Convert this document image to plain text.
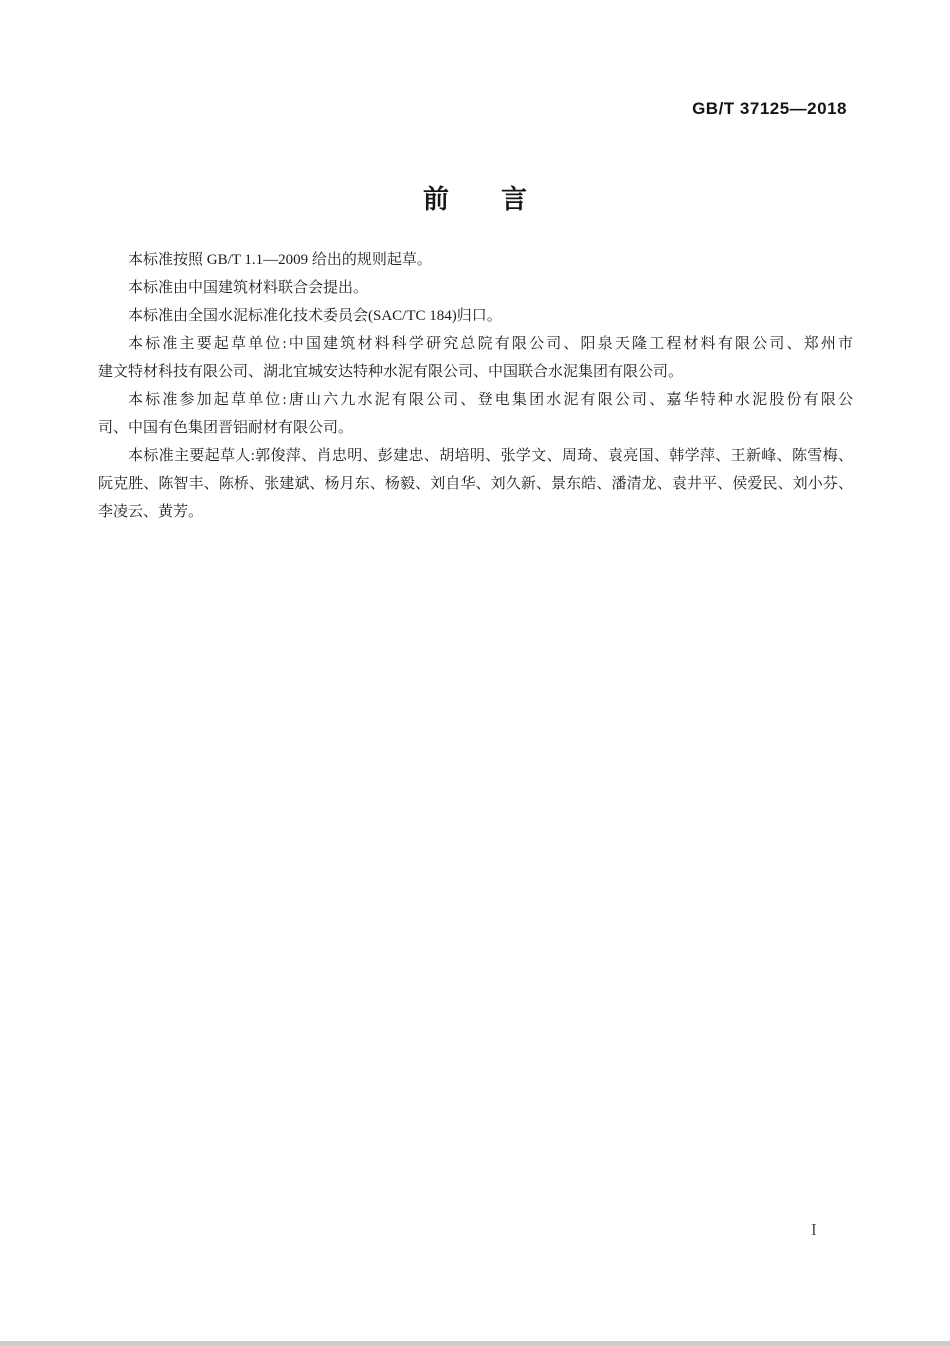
GB/T 37125—2018
前　　言
本标准按照 GB/T 1.1—2009 给出的规则起草。
本标准由中国建筑材料联合会提出。
本标准由全国水泥标准化技术委员会(SAC/TC 184)归口。
本标准主要起草单位:中国建筑材料科学研究总院有限公司、阳泉天隆工程材料有限公司、郑州市
建文特材科技有限公司、湖北宜城安达特种水泥有限公司、中国联合水泥集团有限公司。
本标准参加起草单位:唐山六九水泥有限公司、登电集团水泥有限公司、嘉华特种水泥股份有限公
司、中国有色集团晋铝耐材有限公司。
本标准主要起草人:郭俊萍、肖忠明、彭建忠、胡培明、张学文、周琦、袁亮国、韩学萍、王新峰、陈雪梅、
阮克胜、陈智丰、陈桥、张建斌、杨月东、杨毅、刘自华、刘久新、景东皓、潘清龙、袁井平、侯爱民、刘小芬、
李凌云、黄芳。
I
